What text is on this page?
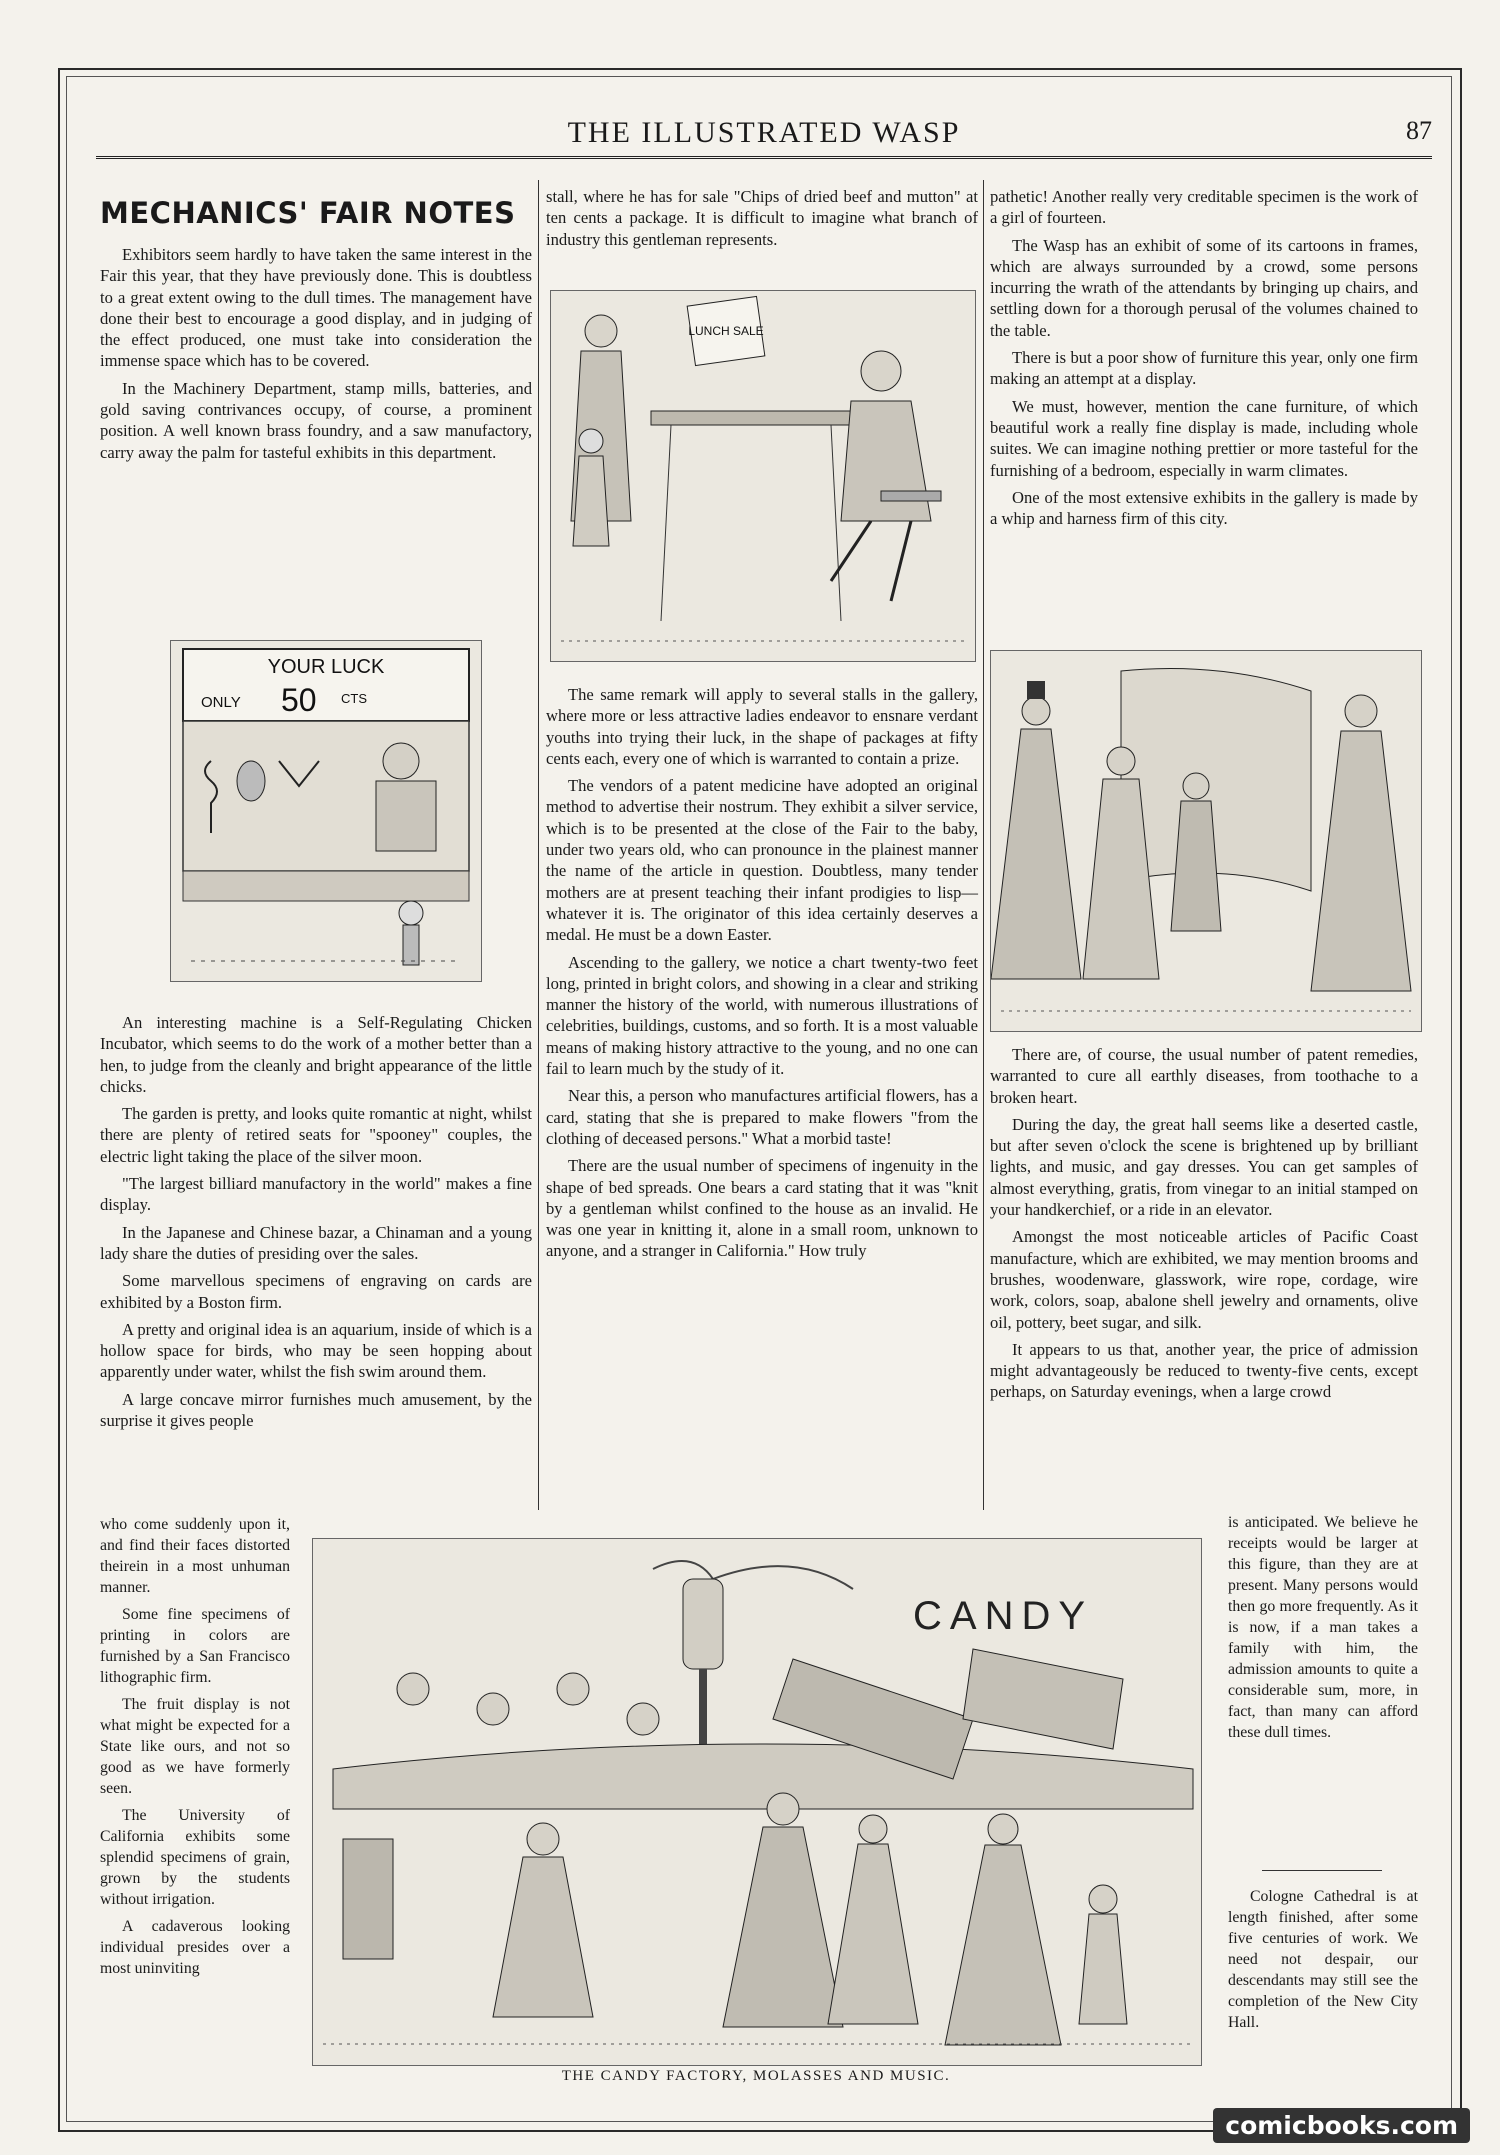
THE ILLUSTRATED WASP	87
MECHANICS' FAIR NOTES

Exhibitors seem hardly to have taken the same interest in the Fair this year, that they have previously done. This is doubtless to a great extent owing to the dull times. The management have done their best to encourage a good display, and in judging of the effect produced, one must take into consideration the immense space which has to be covered.

In the Machinery Department, stamp mills, batteries, and gold saving contrivances occupy, of course, a prominent position. A well known brass foundry, and a saw manufactory, carry away the palm for tasteful exhibits in this department.

YOUR LUCK
ONLY 50 CTS

An interesting machine is a Self-Regulating Chicken Incubator, which seems to do the work of a mother better than a hen, to judge from the cleanly and bright appearance of the little chicks.

The garden is pretty, and looks quite romantic at night, whilst there are plenty of retired seats for "spooney" couples, the electric light taking the place of the silver moon.

"The largest billiard manufactory in the world" makes a fine display.

In the Japanese and Chinese bazar, a Chinaman and a young lady share the duties of presiding over the sales.

Some marvellous specimens of engraving on cards are exhibited by a Boston firm.

A pretty and original idea is an aquarium, inside of which is a hollow space for birds, who may be seen hopping about apparently under water, whilst the fish swim around them.

A large concave mirror furnishes much amusement, by the surprise it gives people

who come suddenly upon it, and find their faces distorted theirein in a most unhuman manner.

Some fine specimens of printing in colors are furnished by a San Francisco lithographic firm.

The fruit display is not what might be expected for a State like ours, and not so good as we have formerly seen.

The University of California exhibits some splendid specimens of grain, grown by the students without irrigation.

A cadaverous looking individual presides over a most uninviting

stall, where he has for sale "Chips of dried beef and mutton" at ten cents a package. It is difficult to imagine what branch of industry this gentleman represents.

LUNCH SALE

The same remark will apply to several stalls in the gallery, where more or less attractive ladies endeavor to ensnare verdant youths into trying their luck, in the shape of packages at fifty cents each, every one of which is warranted to contain a prize.

The vendors of a patent medicine have adopted an original method to advertise their nostrum. They exhibit a silver service, which is to be presented at the close of the Fair to the baby, under two years old, who can pronounce in the plainest manner the name of the article in question. Doubtless, many tender mothers are at present teaching their infant prodigies to lisp—whatever it is. The originator of this idea certainly deserves a medal. He must be a down Easter.

Ascending to the gallery, we notice a chart twenty-two feet long, printed in bright colors, and showing in a clear and striking manner the history of the world, with numerous illustrations of celebrities, buildings, customs, and so forth. It is a most valuable means of making history attractive to the young, and no one can fail to learn much by the study of it.

Near this, a person who manufactures artificial flowers, has a card, stating that she is prepared to make flowers "from the clothing of deceased persons." What a morbid taste!

There are the usual number of specimens of ingenuity in the shape of bed spreads. One bears a card stating that it was "knit by a gentleman whilst confined to the house as an invalid. He was one year in knitting it, alone in a small room, unknown to anyone, and a stranger in California." How truly

pathetic! Another really very creditable specimen is the work of a girl of fourteen.

The Wasp has an exhibit of some of its cartoons in frames, which are always surrounded by a crowd, some persons incurring the wrath of the attendants by bringing up chairs, and settling down for a thorough perusal of the volumes chained to the table.

There is but a poor show of furniture this year, only one firm making an attempt at a display.

We must, however, mention the cane furniture, of which beautiful work a really fine display is made, including whole suites. We can imagine nothing prettier or more tasteful for the furnishing of a bedroom, especially in warm climates.

One of the most extensive exhibits in the gallery is made by a whip and harness firm of this city.

There are, of course, the usual number of patent remedies, warranted to cure all earthly diseases, from toothache to a broken heart.

During the day, the great hall seems like a deserted castle, but after seven o'clock the scene is brightened up by brilliant lights, and music, and gay dresses. You can get samples of almost everything, gratis, from vinegar to an initial stamped on your handkerchief, or a ride in an elevator.

Amongst the most noticeable articles of Pacific Coast manufacture, which are exhibited, we may mention brooms and brushes, woodenware, glasswork, wire rope, cordage, wire work, colors, soap, abalone shell jewelry and ornaments, olive oil, pottery, beet sugar, and silk.

It appears to us that, another year, the price of admission might advantageously be reduced to twenty-five cents, except perhaps, on Saturday evenings, when a large crowd

is anticipated. We believe he receipts would be larger at this figure, than they are at present. Many persons would then go more frequently. As it is now, if a man takes a family with him, the admission amounts to quite a considerable sum, more, in fact, than many can afford these dull times.

Cologne Cathedral is at length finished, after some five centuries of work. We need not despair, our descendants may still see the completion of the New City Hall.

CANDY
THE CANDY FACTORY, MOLASSES AND MUSIC.
comicbooks.com
